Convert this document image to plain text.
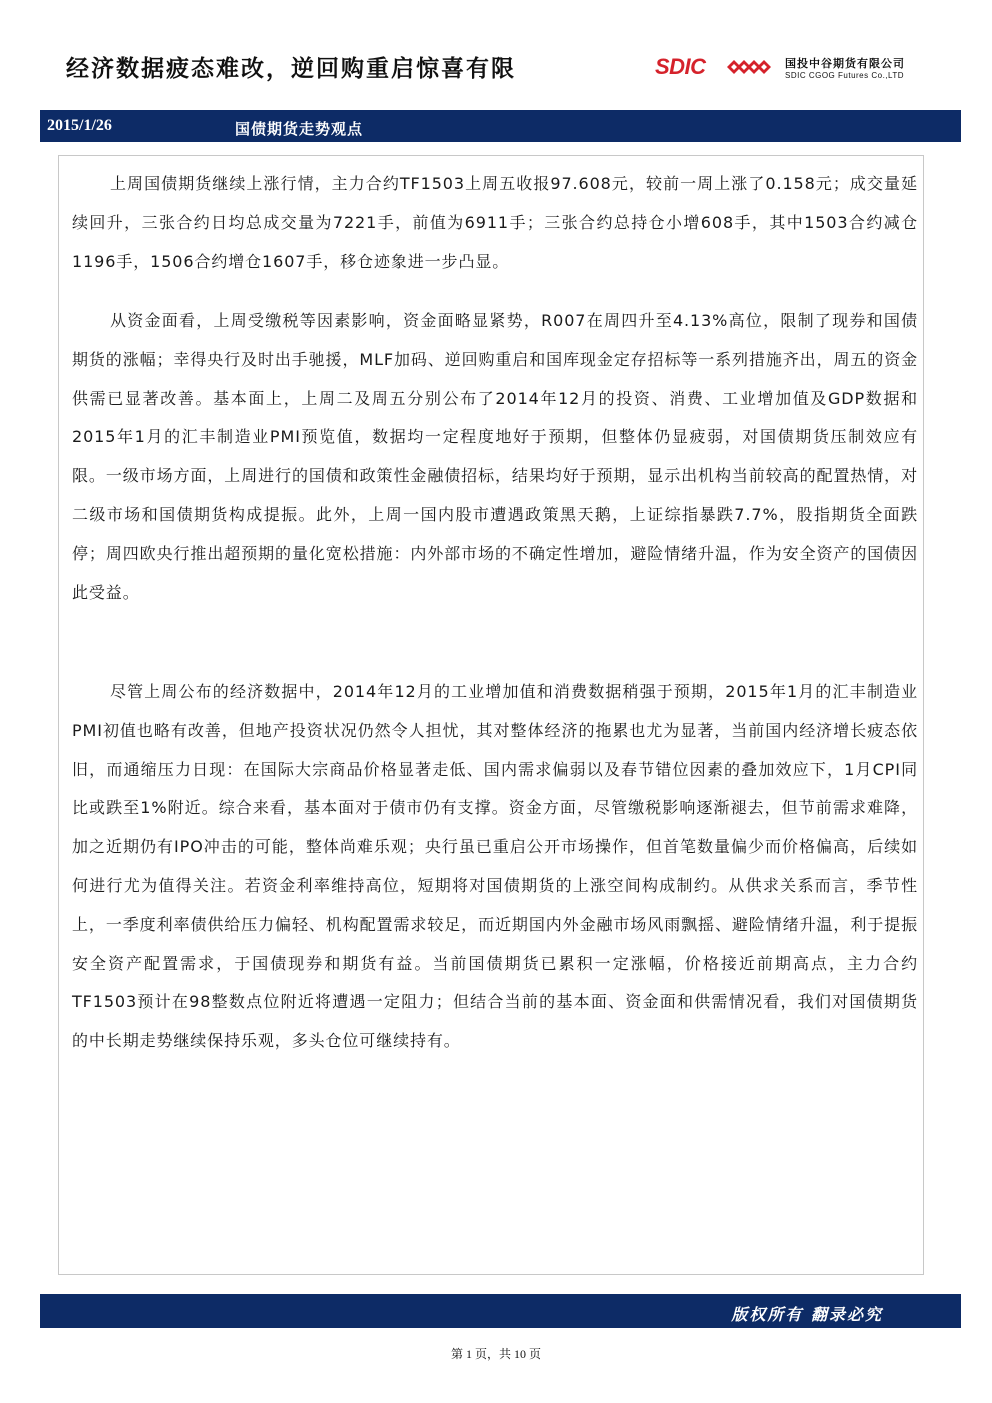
经济数据疲态难改，逆回购重启惊喜有限	SDIC	国投中谷期货有限公司
SDIC CGOG Futures Co.,LTD
2015/1/26	国债期货走势观点

上周国债期货继续上涨行情，主力合约TF1503上周五收报97.608元，较前一周上涨了0.158元；成交量延续回升，三张合约日均总成交量为7221手，前值为6911手；三张合约总持仓小增608手，其中1503合约减仓1196手，1506合约增仓1607手，移仓迹象进一步凸显。

从资金面看，上周受缴税等因素影响，资金面略显紧势，R007在周四升至4.13%高位，限制了现券和国债期货的涨幅；幸得央行及时出手驰援，MLF加码、逆回购重启和国库现金定存招标等一系列措施齐出，周五的资金供需已显著改善。基本面上，上周二及周五分别公布了2014年12月的投资、消费、工业增加值及GDP数据和2015年1月的汇丰制造业PMI预览值，数据均一定程度地好于预期，但整体仍显疲弱，对国债期货压制效应有限。一级市场方面，上周进行的国债和政策性金融债招标，结果均好于预期，显示出机构当前较高的配置热情，对二级市场和国债期货构成提振。此外，上周一国内股市遭遇政策黑天鹅，上证综指暴跌7.7%，股指期货全面跌停；周四欧央行推出超预期的量化宽松措施：内外部市场的不确定性增加，避险情绪升温，作为安全资产的国债因此受益。

尽管上周公布的经济数据中，2014年12月的工业增加值和消费数据稍强于预期，2015年1月的汇丰制造业PMI初值也略有改善，但地产投资状况仍然令人担忧，其对整体经济的拖累也尤为显著，当前国内经济增长疲态依旧，而通缩压力日现：在国际大宗商品价格显著走低、国内需求偏弱以及春节错位因素的叠加效应下，1月CPI同比或跌至1%附近。综合来看，基本面对于债市仍有支撑。资金方面，尽管缴税影响逐渐褪去，但节前需求难降，加之近期仍有IPO冲击的可能，整体尚难乐观；央行虽已重启公开市场操作，但首笔数量偏少而价格偏高，后续如何进行尤为值得关注。若资金利率维持高位，短期将对国债期货的上涨空间构成制约。从供求关系而言，季节性上，一季度利率债供给压力偏轻、机构配置需求较足，而近期国内外金融市场风雨飘摇、避险情绪升温，利于提振安全资产配置需求，于国债现券和期货有益。当前国债期货已累积一定涨幅，价格接近前期高点，主力合约TF1503预计在98整数点位附近将遭遇一定阻力；但结合当前的基本面、资金面和供需情况看，我们对国债期货的中长期走势继续保持乐观，多头仓位可继续持有。

版权所有 翻录必究
第 1 页，共 10 页
